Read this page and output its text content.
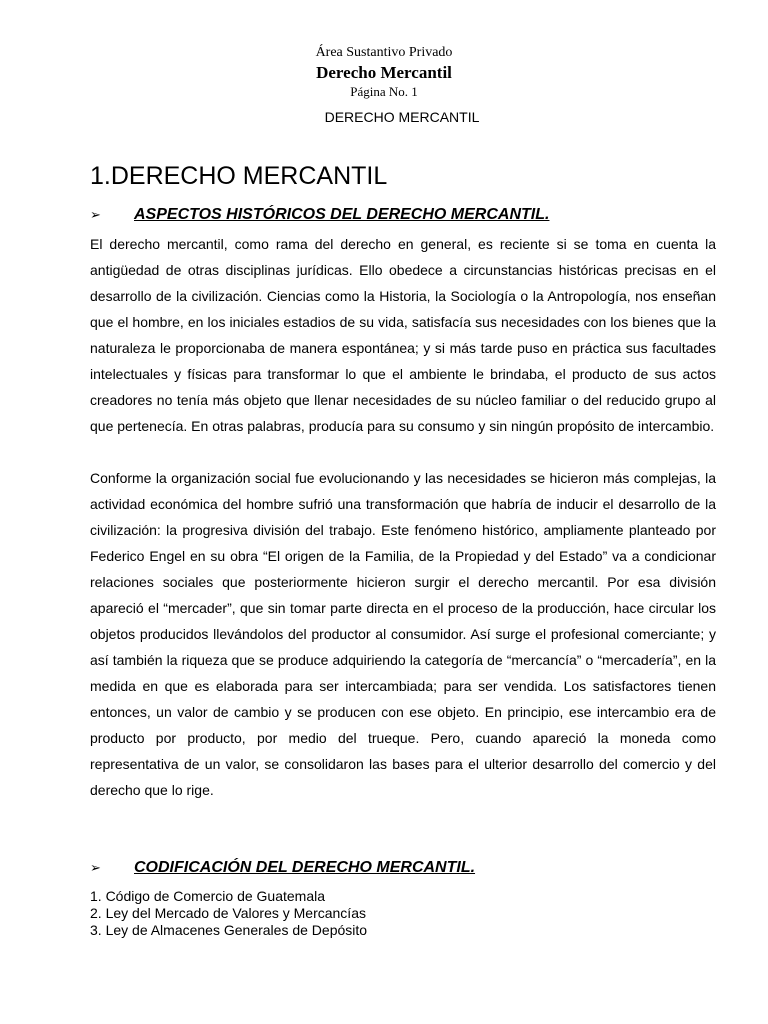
Área Sustantivo Privado
Derecho Mercantil
Página No. 1
DERECHO MERCANTIL
1.DERECHO MERCANTIL
➢ ASPECTOS HISTÓRICOS DEL DERECHO MERCANTIL.

El derecho mercantil, como rama del derecho en general, es reciente si se toma en cuenta la antigüedad de otras disciplinas jurídicas. Ello obedece a circunstancias históricas precisas en el desarrollo de la civilización. Ciencias como la Historia, la Sociología o la Antropología, nos enseñan que el hombre, en los iniciales estadios de su vida, satisfacía sus necesidades con los bienes que la naturaleza le proporcionaba de manera espontánea; y si más tarde puso en práctica sus facultades intelectuales y físicas para transformar lo que el ambiente le brindaba, el producto de sus actos creadores no tenía más objeto que llenar necesidades de su núcleo familiar o del reducido grupo al que pertenecía. En otras palabras, producía para su consumo y sin ningún propósito de intercambio.

Conforme la organización social fue evolucionando y las necesidades se hicieron más complejas, la actividad económica del hombre sufrió una transformación que habría de inducir el desarrollo de la civilización: la progresiva división del trabajo. Este fenómeno histórico, ampliamente planteado por Federico Engel en su obra “El origen de la Familia, de la Propiedad y del Estado” va a condicionar relaciones sociales que posteriormente hicieron surgir el derecho mercantil. Por esa división apareció el “mercader”, que sin tomar parte directa en el proceso de la producción, hace circular los objetos producidos llevándolos del productor al consumidor. Así surge el profesional comerciante; y así también la riqueza que se produce adquiriendo la categoría de “mercancía” o “mercadería”, en la medida en que es elaborada para ser intercambiada; para ser vendida. Los satisfactores tienen entonces, un valor de cambio y se producen con ese objeto. En principio, ese intercambio era de producto por producto, por medio del trueque. Pero, cuando apareció la moneda como representativa de un valor, se consolidaron las bases para el ulterior desarrollo del comercio y del derecho que lo rige.

➢ CODIFICACIÓN DEL DERECHO MERCANTIL.
1. Código de Comercio de Guatemala
2. Ley del Mercado de Valores y Mercancías
3. Ley de Almacenes Generales de Depósito
